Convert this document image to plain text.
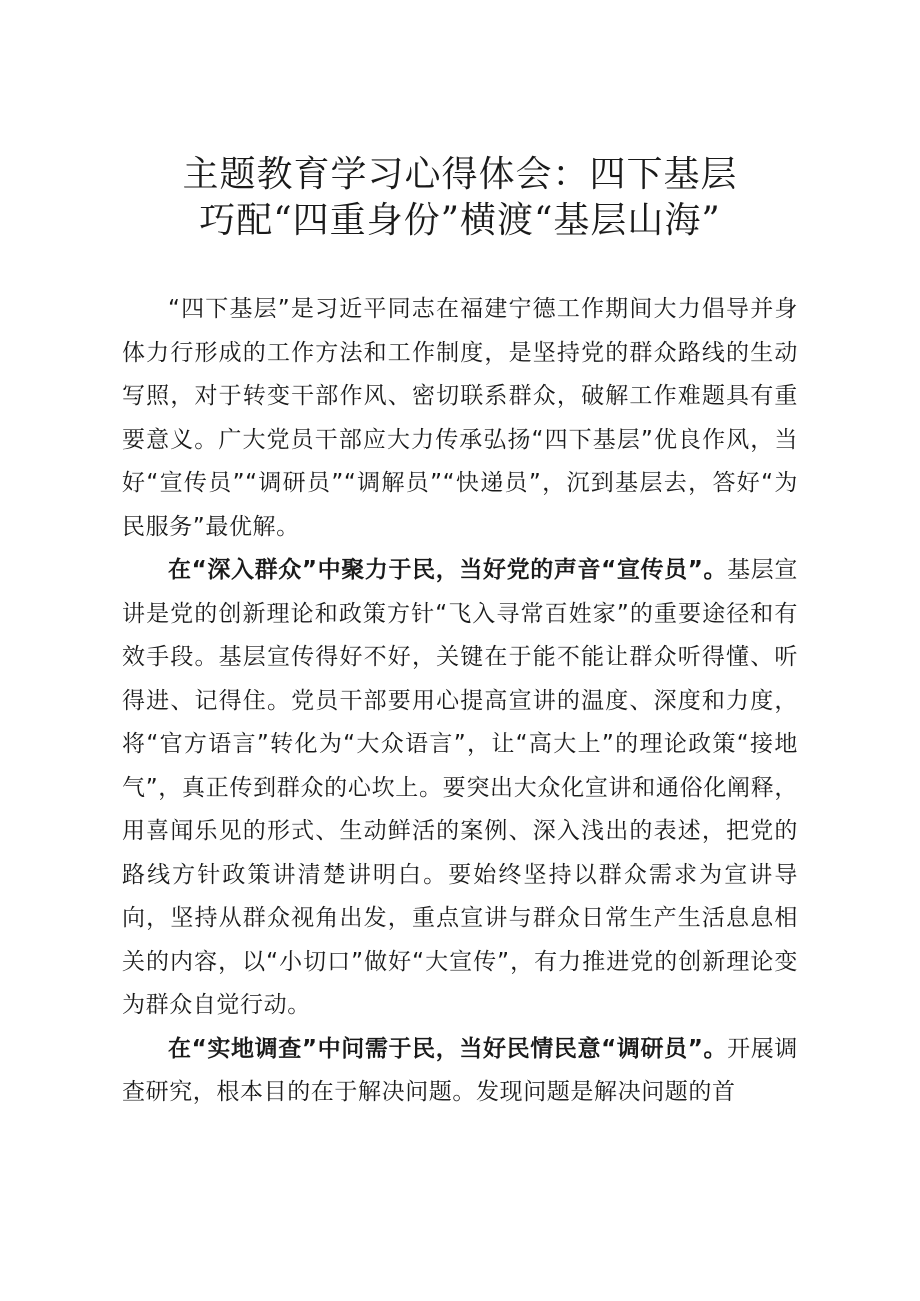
主题教育学习心得体会：四下基层
巧配“四重身份”横渡“基层山海”

“四下基层”是习近平同志在福建宁德工作期间大力倡导并身体力行形成的工作方法和工作制度，是坚持党的群众路线的生动写照，对于转变干部作风、密切联系群众，破解工作难题具有重要意义。广大党员干部应大力传承弘扬“四下基层”优良作风，当好“宣传员”“调研员”“调解员”“快递员”，沉到基层去，答好“为民服务”最优解。

在“深入群众”中聚力于民，当好党的声音“宣传员”。基层宣讲是党的创新理论和政策方针“飞入寻常百姓家”的重要途径和有效手段。基层宣传得好不好，关键在于能不能让群众听得懂、听得进、记得住。党员干部要用心提高宣讲的温度、深度和力度，将“官方语言”转化为“大众语言”，让“高大上”的理论政策“接地气”，真正传到群众的心坎上。要突出大众化宣讲和通俗化阐释，用喜闻乐见的形式、生动鲜活的案例、深入浅出的表述，把党的路线方针政策讲清楚讲明白。要始终坚持以群众需求为宣讲导向，坚持从群众视角出发，重点宣讲与群众日常生产生活息息相关的内容，以“小切口”做好“大宣传”，有力推进党的创新理论变为群众自觉行动。

在“实地调查”中问需于民，当好民情民意“调研员”。开展调查研究，根本目的在于解决问题。发现问题是解决问题的首
